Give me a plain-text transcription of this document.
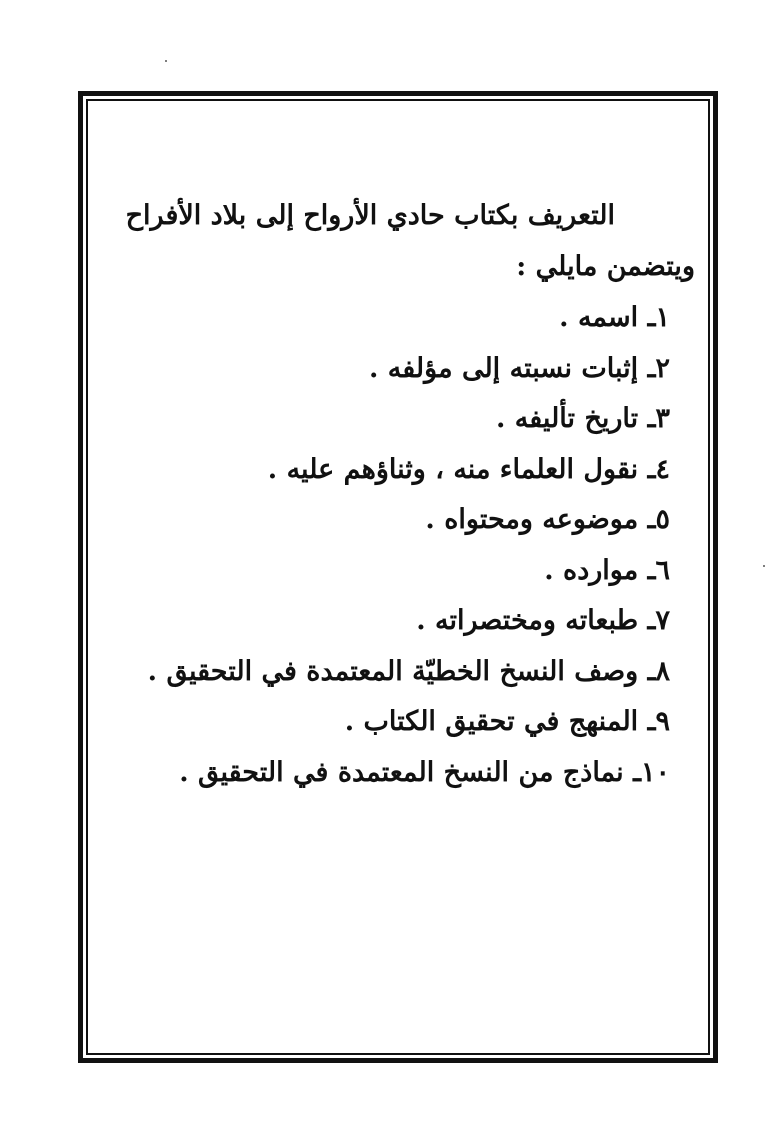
التعريف بكتاب حادي الأرواح إلى بلاد الأفراح

ويتضمن مايلي :

١ـ اسمه .
٢ـ إثبات نسبته إلى مؤلفه .
٣ـ تاريخ تأليفه .
٤ـ نقول العلماء منه ، وثناؤهم عليه .
٥ـ موضوعه ومحتواه .
٦ـ موارده .
٧ـ طبعاته ومختصراته .
٨ـ وصف النسخ الخطيّة المعتمدة في التحقيق .
٩ـ المنهج في تحقيق الكتاب .
١٠ـ نماذج من النسخ المعتمدة في التحقيق .
